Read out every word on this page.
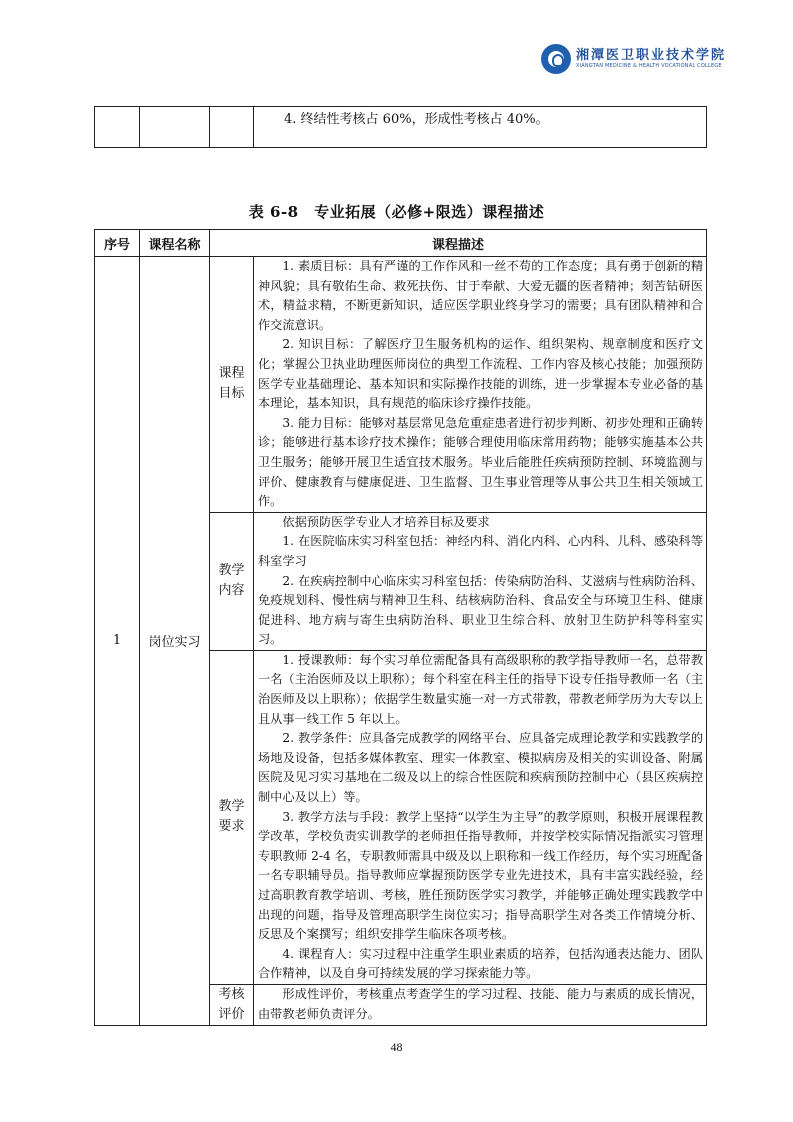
湘潭医卫职业技术学院
XIANGTAN MEDICINE & HEALTH VOCATIONAL COLLEGE
			4. 终结性考核占 60%，形成性考核占 40%。
表 6-8　专业拓展（必修+限选）课程描述
序号	课程名称	课程描述	
1	岗位实习	课程目标	1. 素质目标：具有严谨的工作作风和一丝不苟的工作态度；具有勇于创新的精神风貌；具有敬佑生命、救死扶伤、甘于奉献、大爱无疆的医者精神；刻苦钻研医术，精益求精，不断更新知识，适应医学职业终身学习的需要；具有团队精神和合作交流意识。

2. 知识目标：了解医疗卫生服务机构的运作、组织架构、规章制度和医疗文化；掌握公卫执业助理医师岗位的典型工作流程、工作内容及核心技能；加强预防医学专业基础理论、基本知识和实际操作技能的训练，进一步掌握本专业必备的基本理论，基本知识，具有规范的临床诊疗操作技能。

3. 能力目标：能够对基层常见急危重症患者进行初步判断、初步处理和正确转诊；能够进行基本诊疗技术操作；能够合理使用临床常用药物；能够实施基本公共卫生服务；能够开展卫生适宜技术服务。毕业后能胜任疾病预防控制、环境监测与评价、健康教育与健康促进、卫生监督、卫生事业管理等从事公共卫生相关领域工作。

		教学内容	依据预防医学专业人才培养目标及要求

1. 在医院临床实习科室包括：神经内科、消化内科、心内科、儿科、感染科等科室学习

2. 在疾病控制中心临床实习科室包括：传染病防治科、艾滋病与性病防治科、免疫规划科、慢性病与精神卫生科、结核病防治科、食品安全与环境卫生科、健康促进科、地方病与寄生虫病防治科、职业卫生综合科、放射卫生防护科等科室实习。

		教学要求	1. 授课教师：每个实习单位需配备具有高级职称的教学指导教师一名，总带教一名（主治医师及以上职称）；每个科室在科主任的指导下设专任指导教师一名（主治医师及以上职称）；依据学生数量实施一对一方式带教，带教老师学历为大专以上且从事一线工作 5 年以上。

2. 教学条件：应具备完成教学的网络平台、应具备完成理论教学和实践教学的场地及设备，包括多媒体教室、理实一体教室、模拟病房及相关的实训设备、附属医院及见习实习基地在二级及以上的综合性医院和疾病预防控制中心（县区疾病控制中心及以上）等。

3. 教学方法与手段：教学上坚持“以学生为主导”的教学原则，积极开展课程教学改革，学校负责实训教学的老师担任指导教师，并按学校实际情况指派实习管理专职教师 2-4 名，专职教师需具中级及以上职称和一线工作经历，每个实习班配备一名专职辅导员。指导教师应掌握预防医学专业先进技术，具有丰富实践经验，经过高职教育教学培训、考核，胜任预防医学实习教学，并能够正确处理实践教学中出现的问题，指导及管理高职学生岗位实习；指导高职学生对各类工作情境分析、反思及个案撰写；组织安排学生临床各项考核。

4. 课程育人：实习过程中注重学生职业素质的培养，包括沟通表达能力、团队合作精神，以及自身可持续发展的学习探索能力等。

		考核评价	形成性评价，考核重点考查学生的学习过程、技能、能力与素质的成长情况，由带教老师负责评分。

48
